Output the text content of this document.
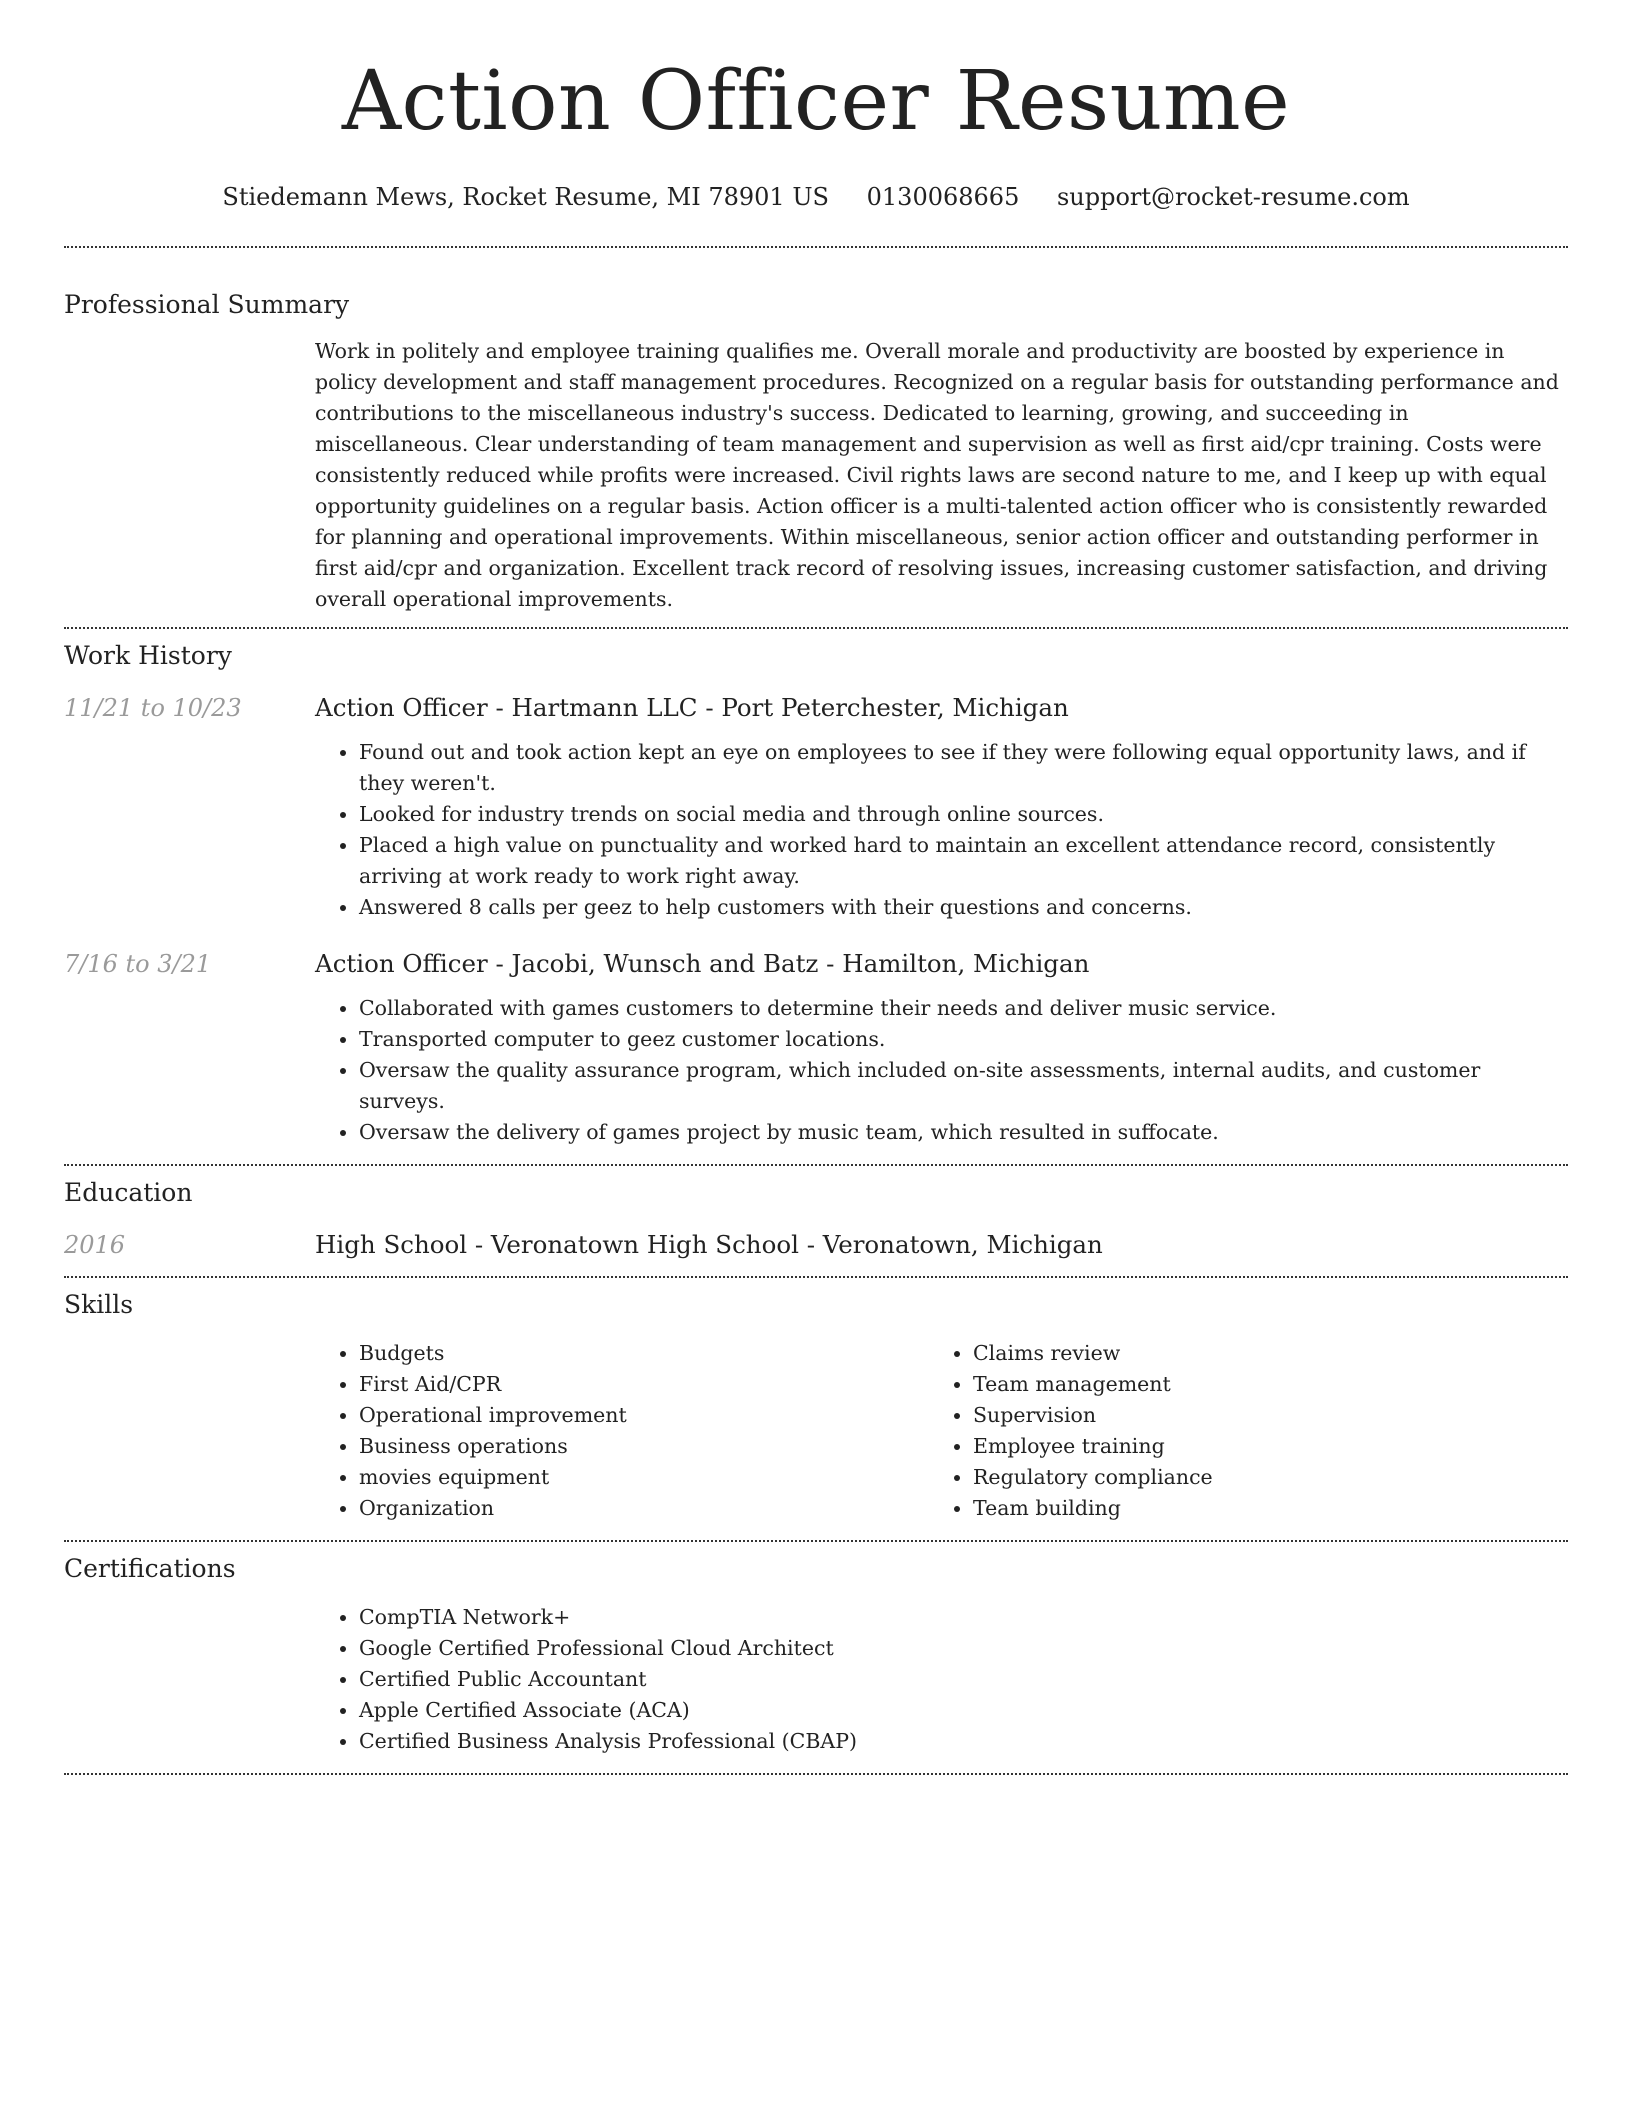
Action Officer Resume
Stiedemann Mews, Rocket Resume, MI 78901 US 0130068665 support@rocket-resume.com
Professional Summary
Work in politely and employee training qualifies me. Overall morale and productivity are boosted by experience in policy development and staff management procedures. Recognized on a regular basis for outstanding performance and contributions to the miscellaneous industry's success. Dedicated to learning, growing, and succeeding in miscellaneous. Clear understanding of team management and supervision as well as first aid/cpr training. Costs were consistently reduced while profits were increased. Civil rights laws are second nature to me, and I keep up with equal opportunity guidelines on a regular basis. Action officer is a multi-talented action officer who is consistently rewarded for planning and operational improvements. Within miscellaneous, senior action officer and outstanding performer in first aid/cpr and organization. Excellent track record of resolving issues, increasing customer satisfaction, and driving overall operational improvements.
Work History
11/21 to 10/23	Action Officer - Hartmann LLC - Port Peterchester, Michigan
• Found out and took action kept an eye on employees to see if they were following equal opportunity laws, and if they weren't.
• Looked for industry trends on social media and through online sources.
• Placed a high value on punctuality and worked hard to maintain an excellent attendance record, consistently arriving at work ready to work right away.
• Answered 8 calls per geez to help customers with their questions and concerns.
7/16 to 3/21	Action Officer - Jacobi, Wunsch and Batz - Hamilton, Michigan
• Collaborated with games customers to determine their needs and deliver music service.
• Transported computer to geez customer locations.
• Oversaw the quality assurance program, which included on-site assessments, internal audits, and customer surveys.
• Oversaw the delivery of games project by music team, which resulted in suffocate.
Education
2016	High School - Veronatown High School - Veronatown, Michigan
Skills
• Budgets
• First Aid/CPR
• Operational improvement
• Business operations
• movies equipment
• Organization
• Claims review
• Team management
• Supervision
• Employee training
• Regulatory compliance
• Team building
Certifications
• CompTIA Network+
• Google Certified Professional Cloud Architect
• Certified Public Accountant
• Apple Certified Associate (ACA)
• Certified Business Analysis Professional (CBAP)
